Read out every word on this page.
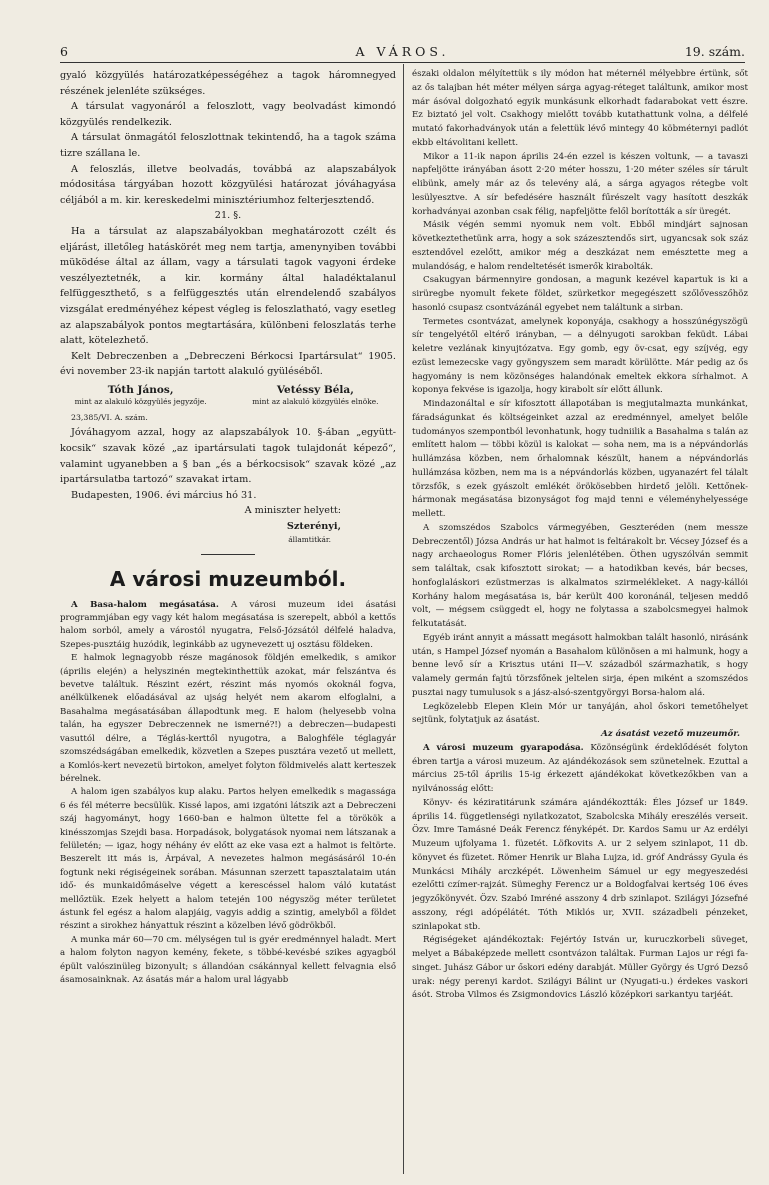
A VÁROS.
6	19. szám.

gyaló közgyülés határozatképességéhez a tagok háromnegyed részének jelenléte szükséges.

A társulat vagyonáról a feloszlott, vagy beolvadást kimondó közgyülés rendelkezik.

A társulat önmagától feloszlottnak tekintendő, ha a tagok száma tizre szállana le.

A feloszlás, illetve beolvadás, továbbá az alapszabályok módositása tárgyában hozott közgyülési határozat jóváhagyása céljából a m. kir. kereskedelmi minisztériumhoz felterjesztendő.

21. §.

Ha a társulat az alapszabályokban meghatározott czélt és eljárást, illetőleg hatáskörét meg nem tartja, amenynyiben további müködése által az állam, vagy a társulati tagok vagyoni érdeke veszélyeztetnék, a kir. kormány által haladéktalanul felfüggeszthető, s a felfüggesztés után elrendelendő szabályos vizsgálat eredményéhez képest végleg is feloszlatható, vagy esetleg az alapszabályok pontos megtartására, különbeni feloszlatás terhe alatt, kötelezhető.

Kelt Debreczenben a „Debreczeni Bérkocsi Ipartársulat“ 1905. évi november 23-ik napján tartott alakuló gyüléséből.

Tóth János,
mint az alakuló közgyülés jegyzője.
Vetéssy Béla,
mint az alakuló közgyülés elnöke.

23,385/VI. A. szám.

Jóváhagyom azzal, hogy az alapszabályok 10. §-ában „együtt-kocsik“ szavak közé „az ipartársulati tagok tulajdonát képező“, valamint ugyanebben a § ban „és a bérkocsisok“ szavak közé „az ipartársulatba tartozó“ szavakat irtam.

Budapesten, 1906. évi március hó 31.

A miniszter helyett:

Szterényi,
államtitkár.

A városi muzeumból.

A Basa-halom megásatása. A városi muzeum idei ásatási programmjában egy vagy két halom megásatása is szerepelt, abból a kettős halom sorból, amely a várostól nyugatra, Felső-Józsától délfelé haladva, Szepes-pusztáig huzódik, leginkább az ugynevezett uj osztásu földeken.

E halmok legnagyobb része magánosok földjén emelkedik, s amikor (április elején) a helyszinén megtekinthettük azokat, már felszántva és bevetve találtuk. Részint ezért, részint más nyomós okoknál fogva, anélkülkenek előadásával az ujság helyét nem akarom elfoglalni, a Basahalma megásatásában állapodtunk meg. E halom (helyesebb volna talán, ha egyszer Debreczennek ne ismerné?!) a debreczen—budapesti vasuttól délre, a Téglás-kerttől nyugotra, a Baloghféle téglagyár szomszédságában emelkedik, közvetlen a Szepes pusztára vezető ut mellett, a Komlós-kert nevezetü birtokon, amelyet folyton földmivelés alatt kerteszek bérelnek.

A halom igen szabályos kup alaku. Partos helyen emelkedik s magassága 6 és fél méterre becsülük. Kissé lapos, ami izgatóni látszik azt a Debreczeni száj hagyományt, hogy 1660-ban e halmon ültette fel a törökök a kinésszomjas Szejdi basa. Horpadások, bolygatások nyomai nem látszanak a felületén; — igaz, hogy néhány év előtt az eke vasa ezt a halmot is feltörte. Beszerelt itt más is, Árpával, A nevezetes halmon megásásáról 10-én fogtunk neki régiségeinek sorában. Másunnan szerzett tapasztalataim után idő- és munkaidőmáselve végett a kerescéssel halom váló kutatást mellőztük. Ezek helyett a halom tetején 100 négyszög méter területet ástunk fel egész a halom alapjáig, vagyis addig a szintig, amelyből a földet részint a sirokhez hányattuk részint a közelben lévő gödrökből.

A munka már 60—70 cm. mélységen tul is gyér eredménnyel haladt. Mert a halom folyton nagyon kemény, fekete, s többé-kevésbé szikes agyagból épült valószinüleg bizonyult; s állandóan csákánnyal kellett felvagnia első ásamosainknak. Az ásatás már a halom ural lágyabb

északi oldalon mélyítettük s ily módon hat méternél mélyebbre értünk, sőt az ős talajban hét méter mélyen sárga agyag-réteget találtunk, amikor most már ásóval dolgozható egyik munkásunk elkorhadt fadarabokat vett észre. Ez biztató jel volt. Csakhogy mielőtt tovább kutathattunk volna, a délfelé mutató fakorhadványok után a felettük lévő mintegy 40 köbméternyi padlót ekbb eltávolitani kellett.

Mikor a 11-ik napon április 24-én ezzel is készen voltunk, — a tavaszi napfeljötte irányában ásott 2·20 méter hosszu, 1·20 méter széles sír tárult elibünk, amely már az ős televény alá, a sárga agyagos rétegbe volt lesülyesztve. A sír befedésére használt fűrészelt vagy hasított deszkák korhadványai azonban csak félig, napfeljötte felől borították a sír üregét.

Másik végén semmi nyomuk nem volt. Ebből mindjárt sajnosan következtethetünk arra, hogy a sok százesztendős sirt, ugyancsak sok száz esztendővel ezelőtt, amikor még a deszkázat nem emésztette meg a mulandóság, e halom rendeltetését ismerők kirabolták.

Csakugyan bármennyire gondosan, a magunk kezével kapartuk is ki a sirüregbe nyomult fekete földet, szürketkor megegészett szőlővesszőhöz hasonló csupasz csontvázánál egyebet nem találtunk a sirban.

Termetes csontvázat, amelynek koponyája, csakhogy a hosszúnégyszögü sír tengelyétől eltérő irányban, — a délnyugoti sarokban feküdt. Lábai keletre vezlának kinyujtózatva. Egy gomb, egy öv-csat, egy szíjvég, egy ezüst lemezecske vagy gyöngyszem sem maradt körülötte. Már pedig az ős hagyomány is nem közönséges halandónak emeltek ekkora sírhalmot. A koponya fekvése is igazolja, hogy kirabolt sír előtt állunk.

Mindazonáltal e sír kifosztott állapotában is megjutalmazta munkánkat, fáradságunkat és költségeinket azzal az eredménnyel, amelyet belőle tudományos szempontból levonhatunk, hogy tudniilik a Basahalma s talán az említett halom — többi közül is kalokat — soha nem, ma is a népvándorlás hullámzása közben, nem őrhalomnak készült, hanem a népvándorlás hullámzása közben, nem ma is a népvándorlás közben, ugyanazért fel tálalt törzsfők, s ezek gyászolt emlékét örökösebben hirdető jelöli. Kettőnek-hármonak megásatása bizonyságot fog majd tenni e véleményhelyessége mellett.

A szomszédos Szabolcs vármegyében, Geszteréden (nem messze Debreczentől) Józsa András ur hat halmot is feltárakolt br. Vécsey József és a nagy archaeologus Romer Flóris jelenlétében. Öthen ugyszólván semmit sem találtak, csak kifosztott sirokat; — a hatodikban kevés, bár becses, honfoglaláskori ezüstmerzas is alkalmatos szirmelékleket. A nagy-kállói Korhány halom megásatása is, bár került 400 koronánál, teljesen meddő volt, — mégsem csüggedt el, hogy ne folytassa a szabolcsmegyei halmok felkutatását.

Egyéb iránt annyit a mássatt megásott halmokban talált hasonló, nirásánk után, s Hampel József nyomán a Basahalom különösen a mi halmunk, hogy a benne levő sír a Krisztus utáni II—V. századból származhatik, s hogy valamely germán fajtú törzsfőnek jeltelen sirja, épen miként a szomszédos pusztai nagy tumulusok s a jász-alsó-szentgyörgyi Borsa-halom alá.

Legközelebb Elepen Klein Mór ur tanyáján, ahol őskori temetőhelyet sejtünk, folytatjuk az ásatást.

Az ásatást vezető muzeumőr.

A városi muzeum gyarapodása. Közönségünk érdeklődését folyton ébren tartja a városi muzeum. Az ajándékozások sem szünetelnek. Ezuttal a március 25-től április 15-ig érkezett ajándékokat következőkben van a nyilvánosság előtt:

Könyv- és kéziratitárunk számára ajándékoztták: Éles József ur 1849. április 14. függetlenségi nyilatkozatot, Szabolcska Mihály ereszélés verseit. Özv. Imre Tamásné Deák Ferencz fényképét. Dr. Kardos Samu ur Az erdélyi Muzeum ujfolyama 1. füzetét. Löfkovits A. ur 2 selyem szinlapot, 11 db. könyvet és füzetet. Römer Henrik ur Blaha Lujza, id. gróf Andrássy Gyula és Munkácsi Mihály arczképét. Löwenheim Sámuel ur egy megyeszedési ezelőtti czímer-rajzát. Sümeghy Ferencz ur a Boldogfalvai kertség 106 éves jegyzőkönyvét. Özv. Szabó Imréné asszony 4 drb szinlapot. Szilágyi Józsefné asszony, régi adópélátét. Tóth Miklós ur, XVII. századbeli pénzeket, szinlapokat stb.

Régiségeket ajándékoztak: Fejértóy István ur, kuruczkorbeli süveget, melyet a Bábaképzede mellett csontvázon találtak. Furman Lajos ur régi fa-singet. Juhász Gábor ur őskori edény darabját. Müller György és Ugró Dezső urak: négy perenyi kardot. Szilágyi Bálint ur (Nyugati-u.) érdekes vaskori ásót. Stroba Vilmos és Zsigmondovics László középkori sarkantyu tarjéát.
